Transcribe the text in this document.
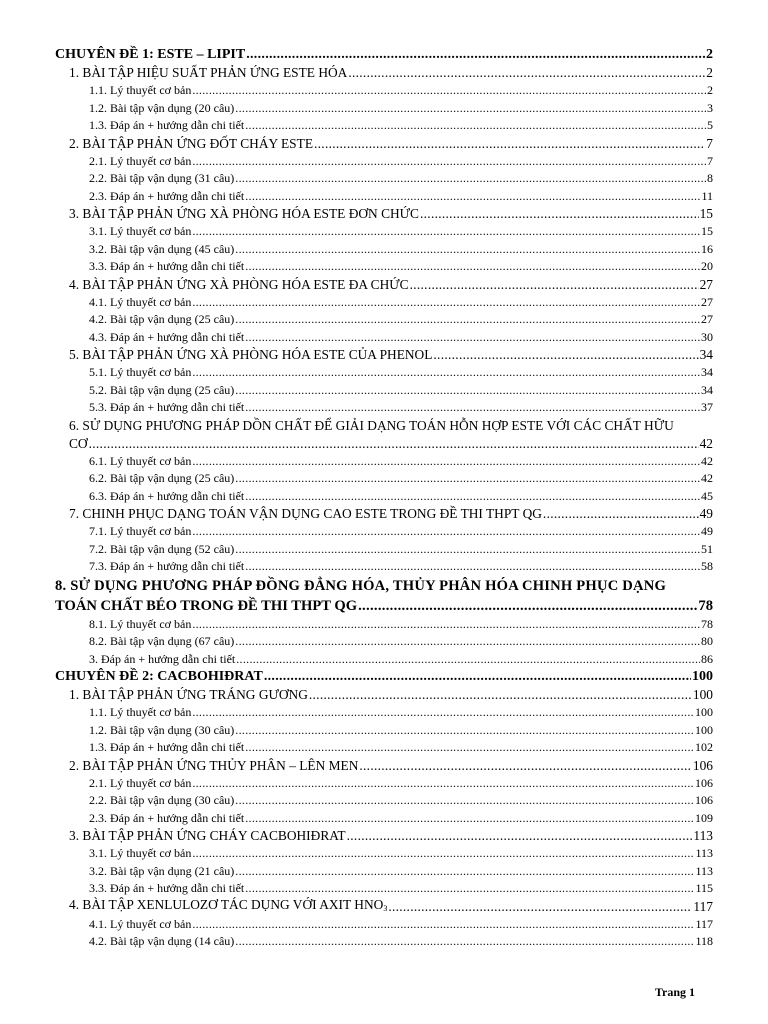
CHUYÊN ĐỀ 1: ESTE – LIPIT .....	2
1. BÀI TẬP HIỆU SUẤT PHẢN ỨNG ESTE HÓA .....	2
1.1. Lý thuyết cơ bản .....	2
1.2. Bài tập vận dụng (20 câu) .....	3
1.3. Đáp án + hướng dẫn chi tiết .....	5
2. BÀI TẬP PHẢN ỨNG ĐỐT CHÁY ESTE .....	7
2.1. Lý thuyết cơ bản .....	7
2.2. Bài tập vận dụng (31 câu) .....	8
2.3. Đáp án + hướng dẫn chi tiết .....	11
3. BÀI TẬP PHẢN ỨNG XÀ PHÒNG HÓA ESTE ĐƠN CHỨC .....	15
3.1. Lý thuyết cơ bản .....	15
3.2. Bài tập vận dụng (45 câu) .....	16
3.3. Đáp án + hướng dẫn chi tiết .....	20
4. BÀI TẬP PHẢN ỨNG XÀ PHÒNG HÓA ESTE ĐA CHỨC .....	27
4.1. Lý thuyết cơ bản .....	27
4.2. Bài tập vận dụng (25 câu) .....	27
4.3. Đáp án + hướng dẫn chi tiết .....	30
5. BÀI TẬP PHẢN ỨNG XÀ PHÒNG HÓA ESTE CỦA PHENOL .....	34
5.1. Lý thuyết cơ bản .....	34
5.2. Bài tập vận dụng (25 câu) .....	34
5.3. Đáp án + hướng dẫn chi tiết .....	37
6. SỬ DỤNG PHƯƠNG PHÁP DỒN CHẤT ĐỂ GIẢI DẠNG TOÁN HỖN HỢP ESTE VỚI CÁC CHẤT HỮU
CƠ .....	42
6.1. Lý thuyết cơ bản .....	42
6.2. Bài tập vận dụng (25 câu) .....	42
6.3. Đáp án + hướng dẫn chi tiết .....	45
7. CHINH PHỤC DẠNG TOÁN VẬN DỤNG CAO ESTE TRONG ĐỀ THI THPT QG .....	49
7.1. Lý thuyết cơ bản .....	49
7.2. Bài tập vận dụng (52 câu) .....	51
7.3. Đáp án + hướng dẫn chi tiết .....	58
8. SỬ DỤNG PHƯƠNG PHÁP ĐỒNG ĐẲNG HÓA, THỦY PHÂN HÓA CHINH PHỤC DẠNG
TOÁN CHẤT BÉO TRONG ĐỀ THI THPT QG .....	78
8.1. Lý thuyết cơ bản .....	78
8.2. Bài tập vận dụng (67 câu) .....	80
3. Đáp án + hướng dẫn chi tiết .....	86
CHUYÊN ĐỀ 2: CACBOHIĐRAT .....	100
1. BÀI TẬP PHẢN ỨNG TRÁNG GƯƠNG .....	100
1.1. Lý thuyết cơ bản .....	100
1.2. Bài tập vận dụng (30 câu) .....	100
1.3. Đáp án + hướng dẫn chi tiết .....	102
2. BÀI TẬP PHẢN ỨNG THỦY PHÂN – LÊN MEN .....	106
2.1. Lý thuyết cơ bản .....	106
2.2. Bài tập vận dụng (30 câu) .....	106
2.3. Đáp án + hướng dẫn chi tiết .....	109
3. BÀI TẬP PHẢN ỨNG CHÁY CACBOHIĐRAT .....	113
3.1. Lý thuyết cơ bản .....	113
3.2. Bài tập vận dụng (21 câu) .....	113
3.3. Đáp án + hướng dẫn chi tiết .....	115
4. BÀI TẬP XENLULOZƠ TÁC DỤNG VỚI AXIT HNO3 .....	117
4.1. Lý thuyết cơ bản .....	117
4.2. Bài tập vận dụng (14 câu) .....	118
Trang 1
